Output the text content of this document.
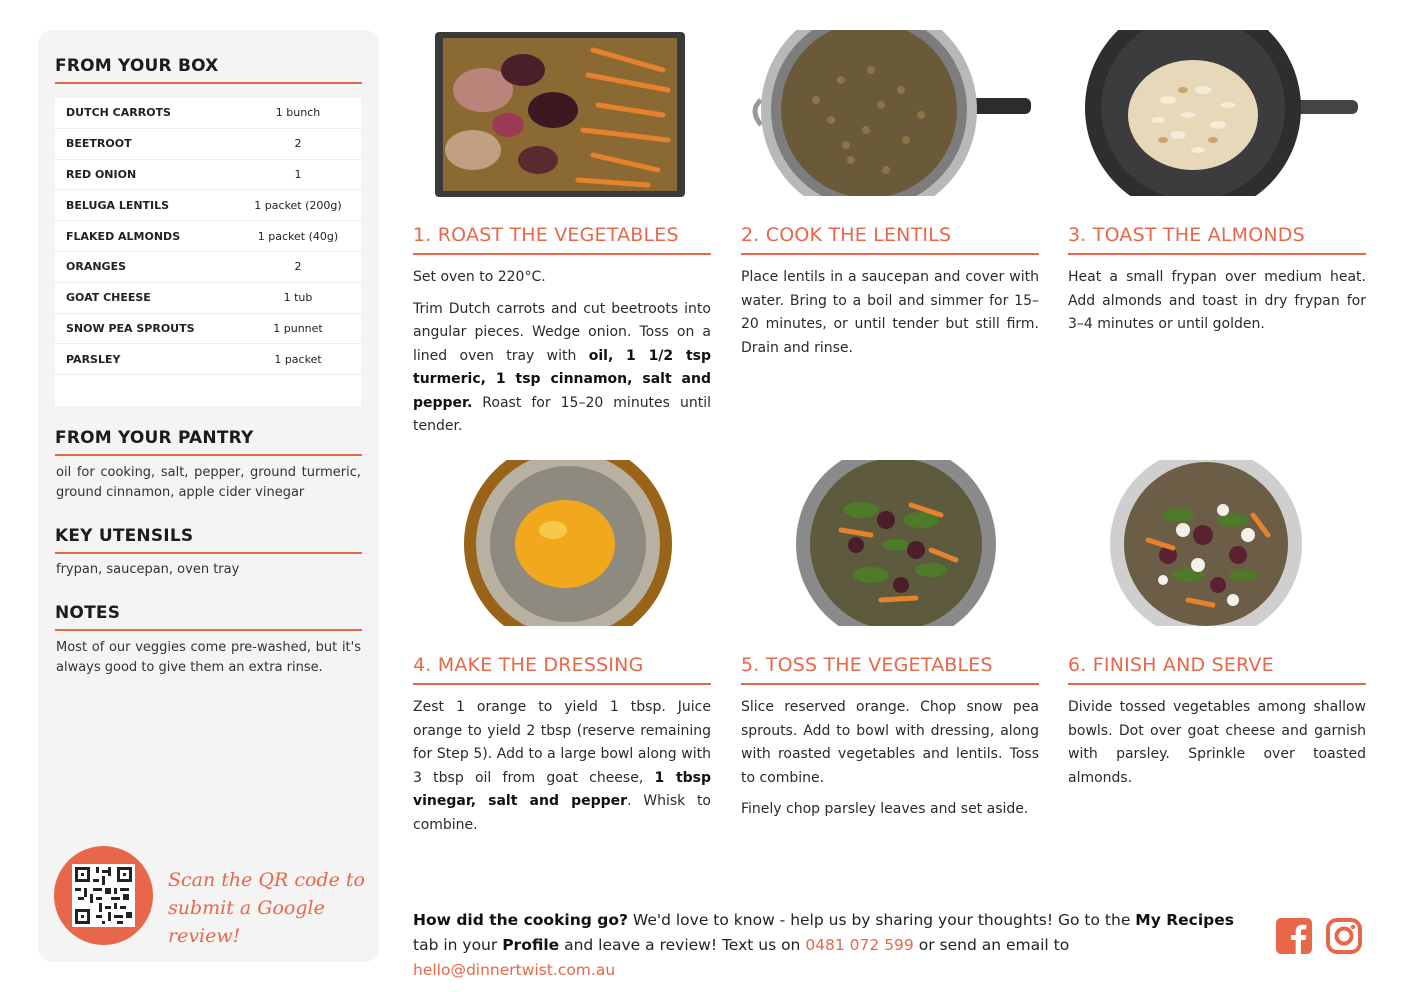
FROM YOUR BOX
DUTCH CARROTS	1 bunch
BEETROOT	2
RED ONION	1
BELUGA LENTILS	1 packet (200g)
FLAKED ALMONDS	1 packet (40g)
ORANGES	2
GOAT CHEESE	1 tub
SNOW PEA SPROUTS	1 punnet
PARSLEY	1 packet
FROM YOUR PANTRY
oil for cooking, salt, pepper, ground turmeric, ground cinnamon, apple cider vinegar
KEY UTENSILS
frypan, saucepan, oven tray
NOTES
Most of our veggies come pre-washed, but it's always good to give them an extra rinse.
Scan the QR code to
submit a Google review!
1. ROAST THE VEGETABLES

Set oven to 220°C.

Trim Dutch carrots and cut beetroots into angular pieces. Wedge onion. Toss on a lined oven tray with oil, 1 1/2 tsp turmeric, 1 tsp cinnamon, salt and pepper. Roast for 15–20 minutes until tender.

2. COOK THE LENTILS

Place lentils in a saucepan and cover with water. Bring to a boil and simmer for 15–20 minutes, or until tender but still firm. Drain and rinse.

3. TOAST THE ALMONDS

Heat a small frypan over medium heat. Add almonds and toast in dry frypan for 3–4 minutes or until golden.

4. MAKE THE DRESSING

Zest 1 orange to yield 1 tbsp. Juice orange to yield 2 tbsp (reserve remaining for Step 5). Add to a large bowl along with 3 tbsp oil from goat cheese, 1 tbsp vinegar, salt and pepper. Whisk to combine.

5. TOSS THE VEGETABLES

Slice reserved orange. Chop snow pea sprouts. Add to bowl with dressing, along with roasted vegetables and lentils. Toss to combine.

Finely chop parsley leaves and set aside.

6. FINISH AND SERVE

Divide tossed vegetables among shallow bowls. Dot over goat cheese and garnish with parsley. Sprinkle over toasted almonds.

How did the cooking go? We'd love to know - help us by sharing your thoughts! Go to the My Recipes tab in your Profile and leave a review! Text us on 0481 072 599 or send an email to hello@dinnertwist.com.au
